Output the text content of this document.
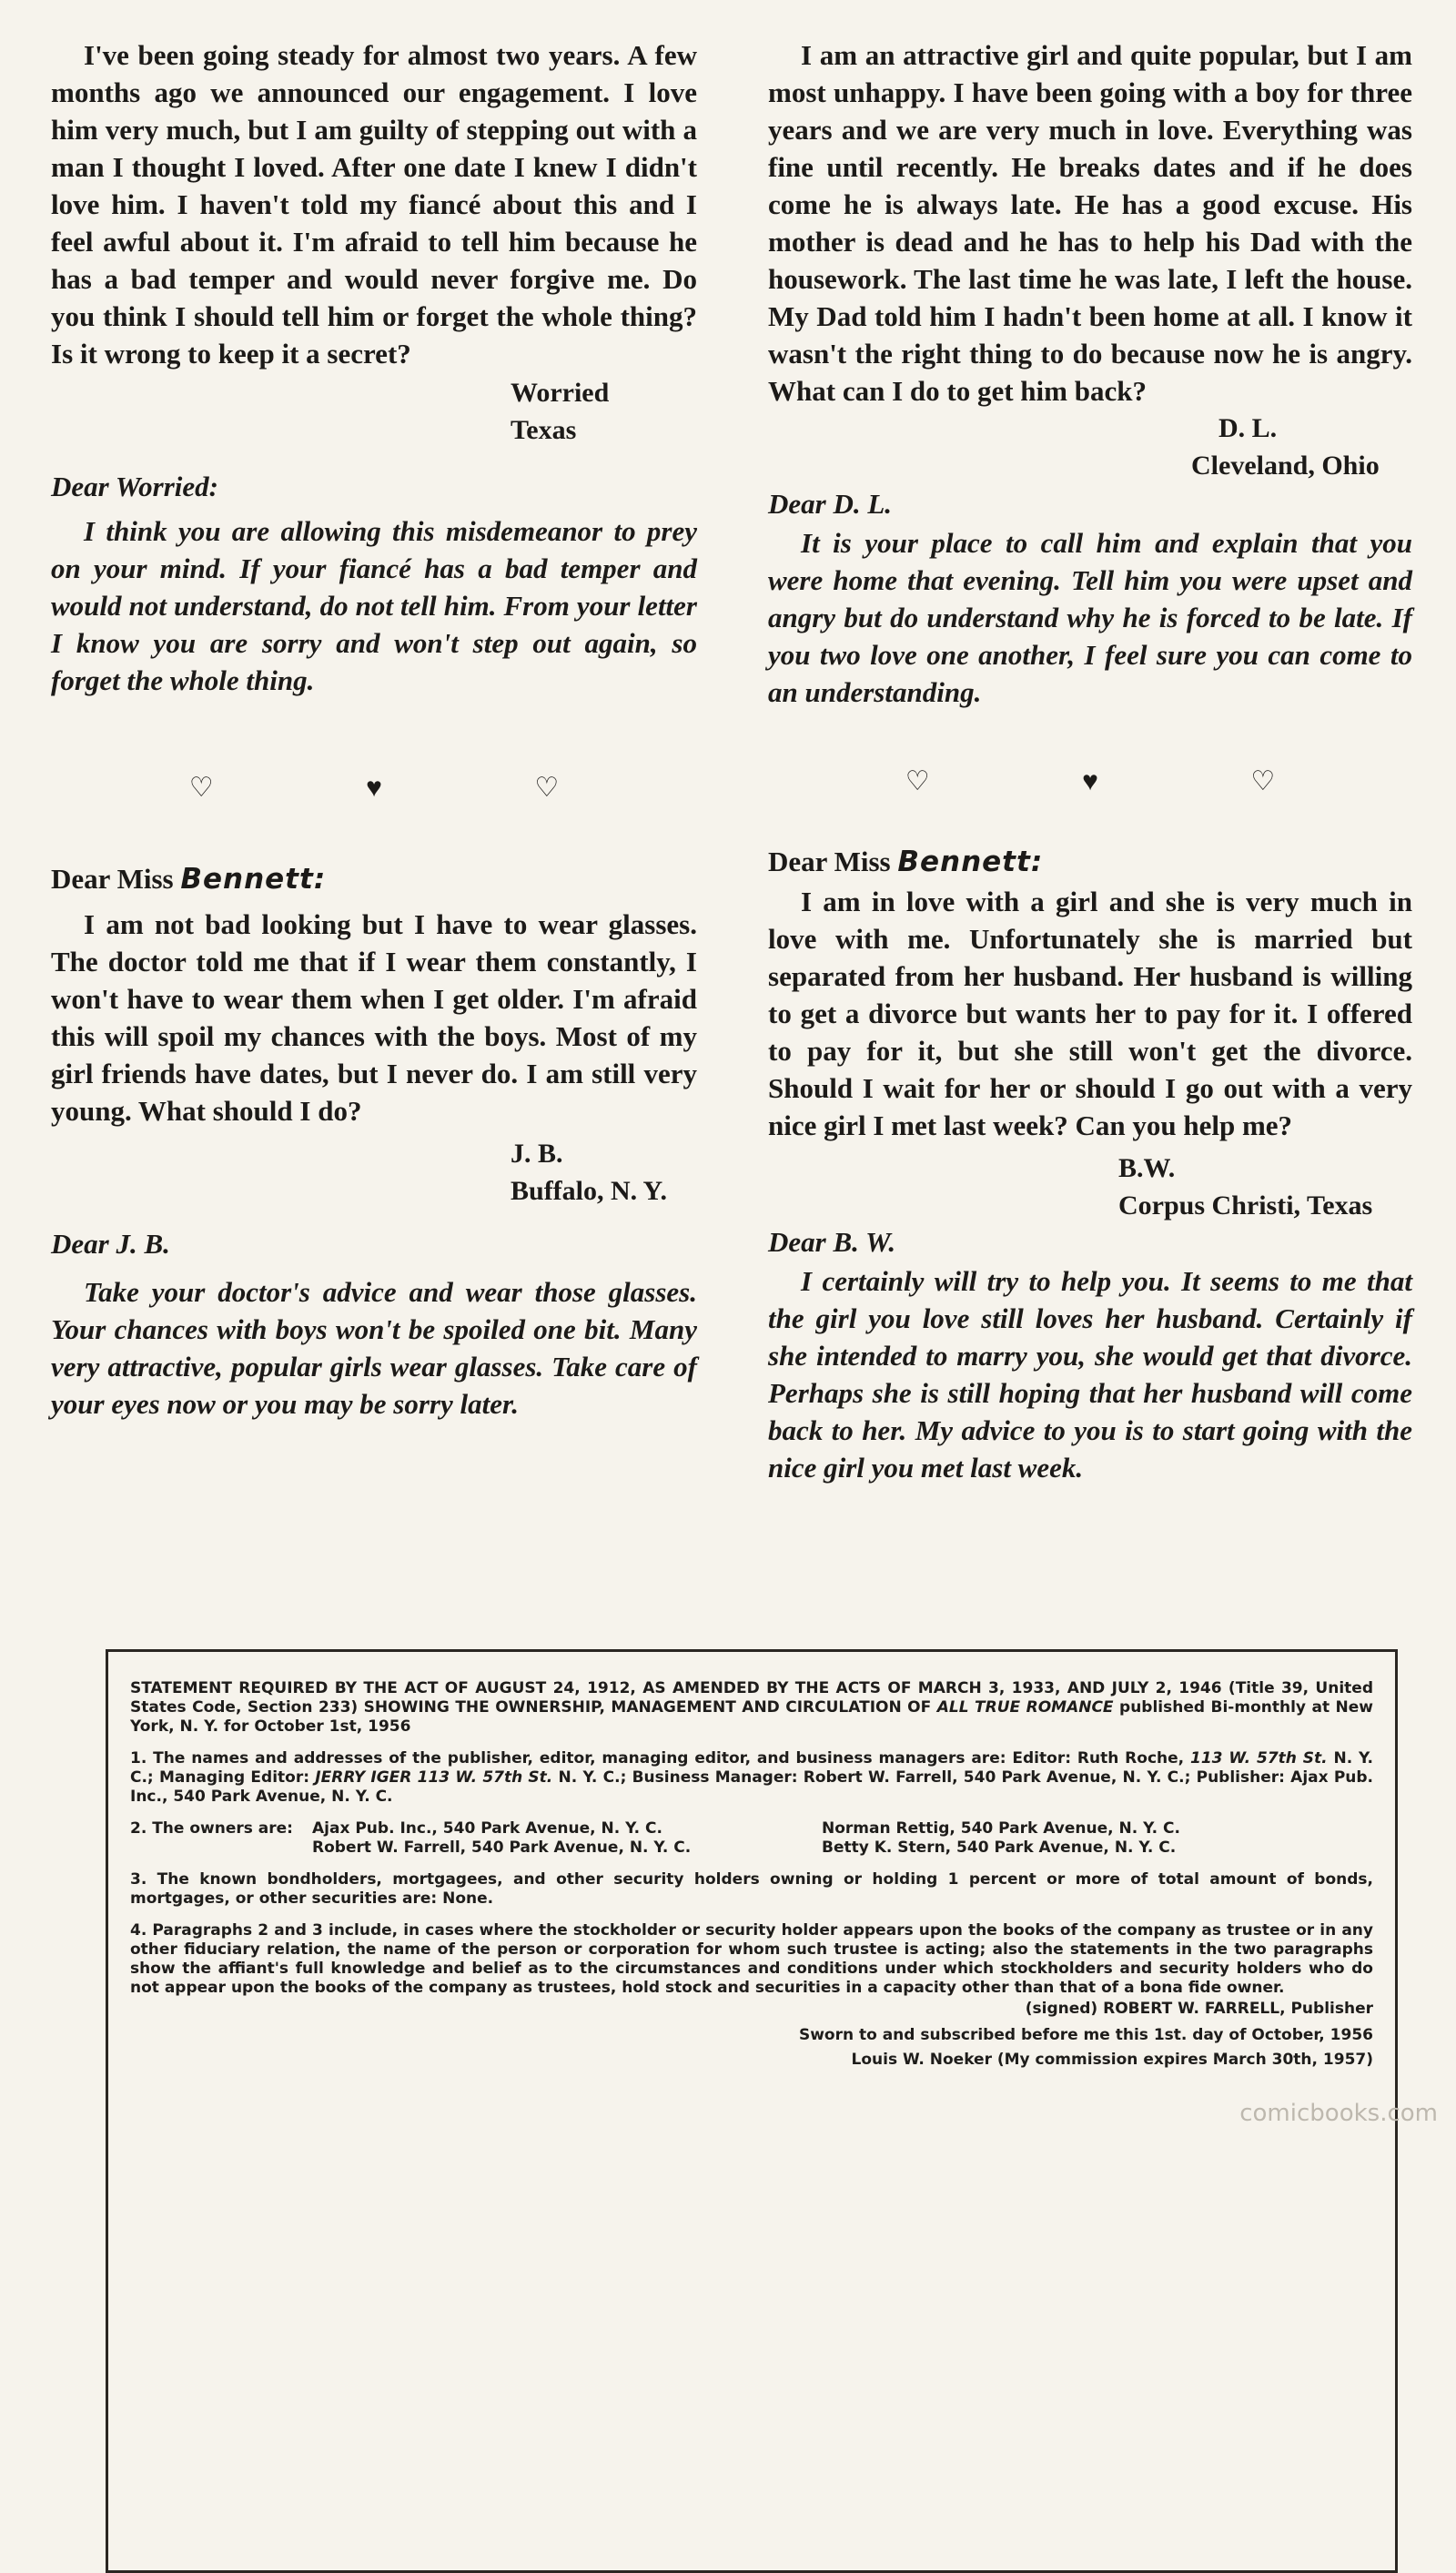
I've been going steady for almost two years. A few months ago we announced our engagement. I love him very much, but I am guilty of stepping out with a man I thought I loved. After one date I knew I didn't love him. I haven't told my fiancé about this and I feel awful about it. I'm afraid to tell him because he has a bad temper and would never forgive me. Do you think I should tell him or forget the whole thing? Is it wrong to keep it a secret?

Worried

Texas

Dear Worried:

I think you are allowing this misdemeanor to prey on your mind. If your fiancé has a bad temper and would not understand, do not tell him. From your letter I know you are sorry and won't step out again, so forget the whole thing.

♡ ♥ ♡

Dear Miss Bennett:

I am not bad looking but I have to wear glasses. The doctor told me that if I wear them constantly, I won't have to wear them when I get older. I'm afraid this will spoil my chances with the boys. Most of my girl friends have dates, but I never do. I am still very young. What should I do?

J. B.

Buffalo, N. Y.

Dear J. B.

Take your doctor's advice and wear those glasses. Your chances with boys won't be spoiled one bit. Many very attractive, popular girls wear glasses. Take care of your eyes now or you may be sorry later.

I am an attractive girl and quite popular, but I am most unhappy. I have been going with a boy for three years and we are very much in love. Everything was fine until recently. He breaks dates and if he does come he is always late. He has a good excuse. His mother is dead and he has to help his Dad with the housework. The last time he was late, I left the house. My Dad told him I hadn't been home at all. I know it wasn't the right thing to do because now he is angry. What can I do to get him back?

D. L.

Cleveland, Ohio

Dear D. L.

It is your place to call him and explain that you were home that evening. Tell him you were upset and angry but do understand why he is forced to be late. If you two love one another, I feel sure you can come to an understanding.

♡ ♥ ♡

Dear Miss Bennett:

I am in love with a girl and she is very much in love with me. Unfortunately she is married but separated from her husband. Her husband is willing to get a divorce but wants her to pay for it. I offered to pay for it, but she still won't get the divorce. Should I wait for her or should I go out with a very nice girl I met last week? Can you help me?

B.W.

Corpus Christi, Texas

Dear B. W.

I certainly will try to help you. It seems to me that the girl you love still loves her husband. Certainly if she intended to marry you, she would get that divorce. Perhaps she is still hoping that her husband will come back to her. My advice to you is to start going with the nice girl you met last week.

STATEMENT REQUIRED BY THE ACT OF AUGUST 24, 1912, AS AMENDED BY THE ACTS OF MARCH 3, 1933, AND JULY 2, 1946 (Title 39, United States Code, Section 233) SHOWING THE OWNERSHIP, MANAGEMENT AND CIRCULATION OF ALL TRUE ROMANCE published Bi-monthly at New York, N. Y. for October 1st, 1956

1. The names and addresses of the publisher, editor, managing editor, and business managers are: Editor: Ruth Roche, 113 W. 57th St. N. Y. C.; Managing Editor: JERRY IGER 113 W. 57th St. N. Y. C.; Business Manager: Robert W. Farrell, 540 Park Avenue, N. Y. C.; Publisher: Ajax Pub. Inc., 540 Park Avenue, N. Y. C.

2. The owners are:	Ajax Pub. Inc., 540 Park Avenue, N. Y. C.	Norman Rettig, 540 Park Avenue, N. Y. C.
Robert W. Farrell, 540 Park Avenue, N. Y. C.	Betty K. Stern, 540 Park Avenue, N. Y. C.

3. The known bondholders, mortgagees, and other security holders owning or holding 1 percent or more of total amount of bonds, mortgages, or other securities are: None.

4. Paragraphs 2 and 3 include, in cases where the stockholder or security holder appears upon the books of the company as trustee or in any other fiduciary relation, the name of the person or corporation for whom such trustee is acting; also the statements in the two paragraphs show the affiant's full knowledge and belief as to the circumstances and conditions under which stockholders and security holders who do not appear upon the books of the company as trustees, hold stock and securities in a capacity other than that of a bona fide owner.

(signed) ROBERT W. FARRELL, Publisher

Sworn to and subscribed before me this 1st. day of October, 1956

Louis W. Noeker (My commission expires March 30th, 1957)

comicbooks.com
